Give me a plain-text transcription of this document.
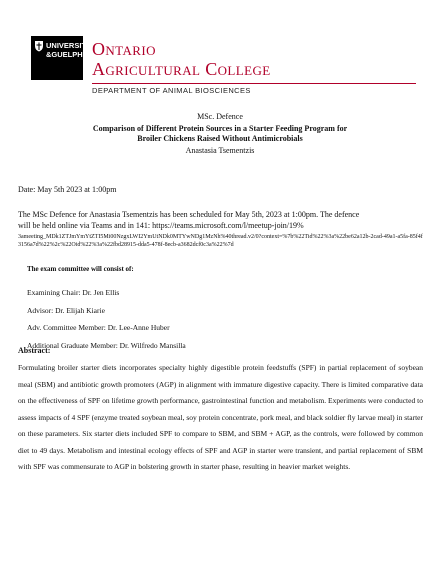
UNIVERSITY
&GUELPH Ontario
Agricultural College
DEPARTMENT OF ANIMAL BIOSCIENCES
MSc. Defence
Comparison of Different Protein Sources in a Starter Feeding Program for
Broiler Chickens Raised Without Antimicrobials
Anastasia Tsementzis
Date: May 5th 2023 at 1:00pm
The MSc Defence for Anastasia Tsementzis has been scheduled for May 5th, 2023 at 1:00pm. The defence
will be held online via Teams and in 141: https://teams.microsoft.com/l/meetup-join/19%
3ameeting_MDk1ZTJmYmYtZTI5Mi00NzgxLWI2YmUtNDk0MTYwNDg1MzNh%40thread.v2/0?context=%7b%22Tid%22%3a%22be62a12b-2cad-49a1-a5fa-85f4f3156a7d%22%2c%22Oid%22%3a%22fbd28915-dda5-478f-8ecb-a3682dcf0c3a%22%7d
The exam committee will consist of:
Examining Chair: Dr. Jen Ellis
Advisor: Dr. Elijah Kiarie
Adv. Committee Member: Dr. Lee-Anne Huber
Additional Graduate Member: Dr. Wilfredo Mansilla
Abstract:
Formulating broiler starter diets incorporates specialty highly digestible protein feedstuffs (SPF) in partial replacement of soybean meal (SBM) and antibiotic growth promoters (AGP) in alignment with immature digestive capacity. There is limited comparative data on the effectiveness of SPF on lifetime growth performance, gastrointestinal function and metabolism. Experiments were conducted to assess impacts of 4 SPF (enzyme treated soybean meal, soy protein concentrate, pork meal, and black soldier fly larvae meal) in starter on these parameters. Six starter diets included SPF to compare to SBM, and SBM + AGP, as the controls, were followed by common diet to 49 days. Metabolism and intestinal ecology effects of SPF and AGP in starter were transient, and partial replacement of SBM with SPF was commensurate to AGP in bolstering growth in starter phase, resulting in heavier market weights.
